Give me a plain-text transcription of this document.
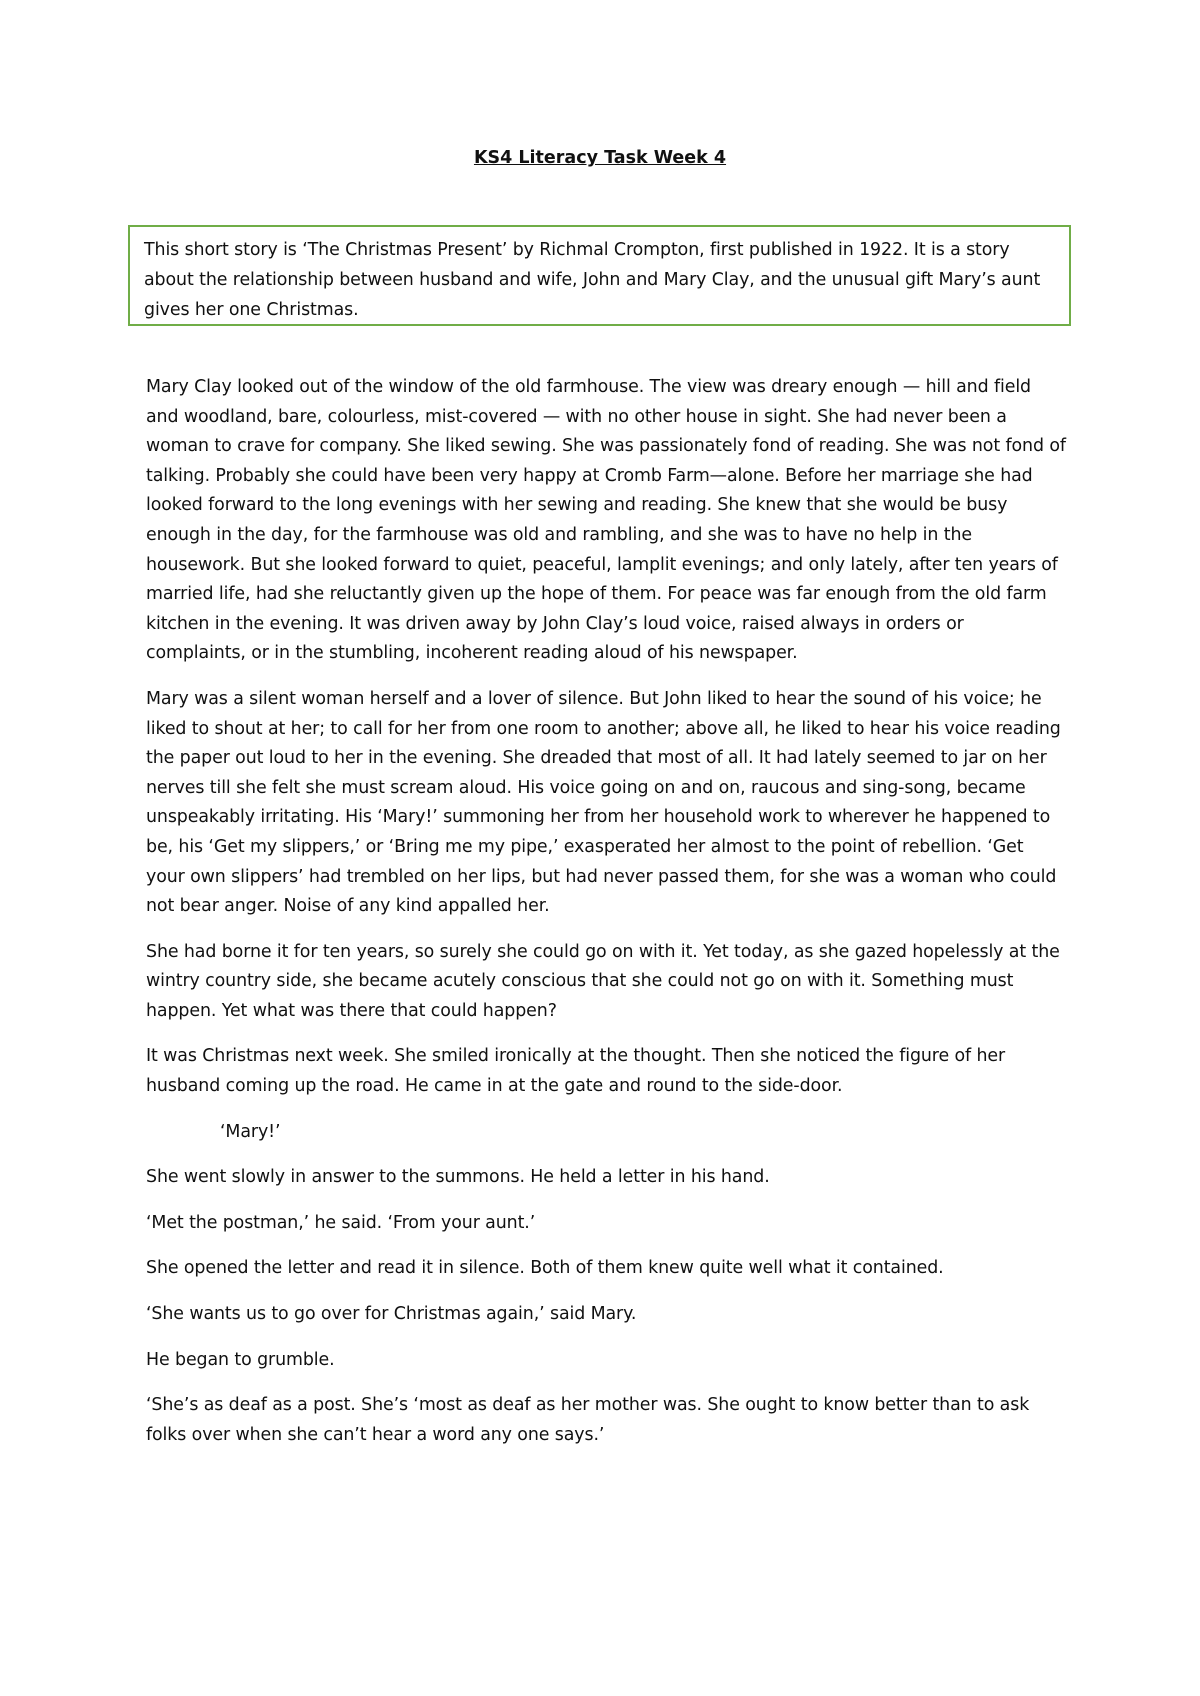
KS4 Literacy Task Week 4
This short story is ‘The Christmas Present’ by Richmal Crompton, first published in 1922. It is a story about the relationship between husband and wife, John and Mary Clay, and the unusual gift Mary’s aunt gives her one Christmas.

Mary Clay looked out of the window of the old farmhouse. The view was dreary enough — hill and field and woodland, bare, colourless, mist-covered — with no other house in sight. She had never been a woman to crave for company. She liked sewing. She was passionately fond of reading. She was not fond of talking. Probably she could have been very happy at Cromb Farm—alone. Before her marriage she had looked forward to the long evenings with her sewing and reading. She knew that she would be busy enough in the day, for the farmhouse was old and rambling, and she was to have no help in the housework. But she looked forward to quiet, peaceful, lamplit evenings; and only lately, after ten years of married life, had she reluctantly given up the hope of them. For peace was far enough from the old farm kitchen in the evening. It was driven away by John Clay’s loud voice, raised always in orders or complaints, or in the stumbling, incoherent reading aloud of his newspaper.

Mary was a silent woman herself and a lover of silence. But John liked to hear the sound of his voice; he liked to shout at her; to call for her from one room to another; above all, he liked to hear his voice reading the paper out loud to her in the evening. She dreaded that most of all. It had lately seemed to jar on her nerves till she felt she must scream aloud. His voice going on and on, raucous and sing-song, became unspeakably irritating. His ‘Mary!’ summoning her from her household work to wherever he happened to be, his ‘Get my slippers,’ or ‘Bring me my pipe,’ exasperated her almost to the point of rebellion. ‘Get your own slippers’ had trembled on her lips, but had never passed them, for she was a woman who could not bear anger. Noise of any kind appalled her.

She had borne it for ten years, so surely she could go on with it. Yet today, as she gazed hopelessly at the wintry country side, she became acutely conscious that she could not go on with it. Something must happen. Yet what was there that could happen?

It was Christmas next week. She smiled ironically at the thought. Then she noticed the figure of her husband coming up the road. He came in at the gate and round to the side-door.

‘Mary!’

She went slowly in answer to the summons. He held a letter in his hand.

‘Met the postman,’ he said. ‘From your aunt.’

She opened the letter and read it in silence. Both of them knew quite well what it contained.

‘She wants us to go over for Christmas again,’ said Mary.

He began to grumble.

‘She’s as deaf as a post. She’s ‘most as deaf as her mother was. She ought to know better than to ask folks over when she can’t hear a word any one says.’
